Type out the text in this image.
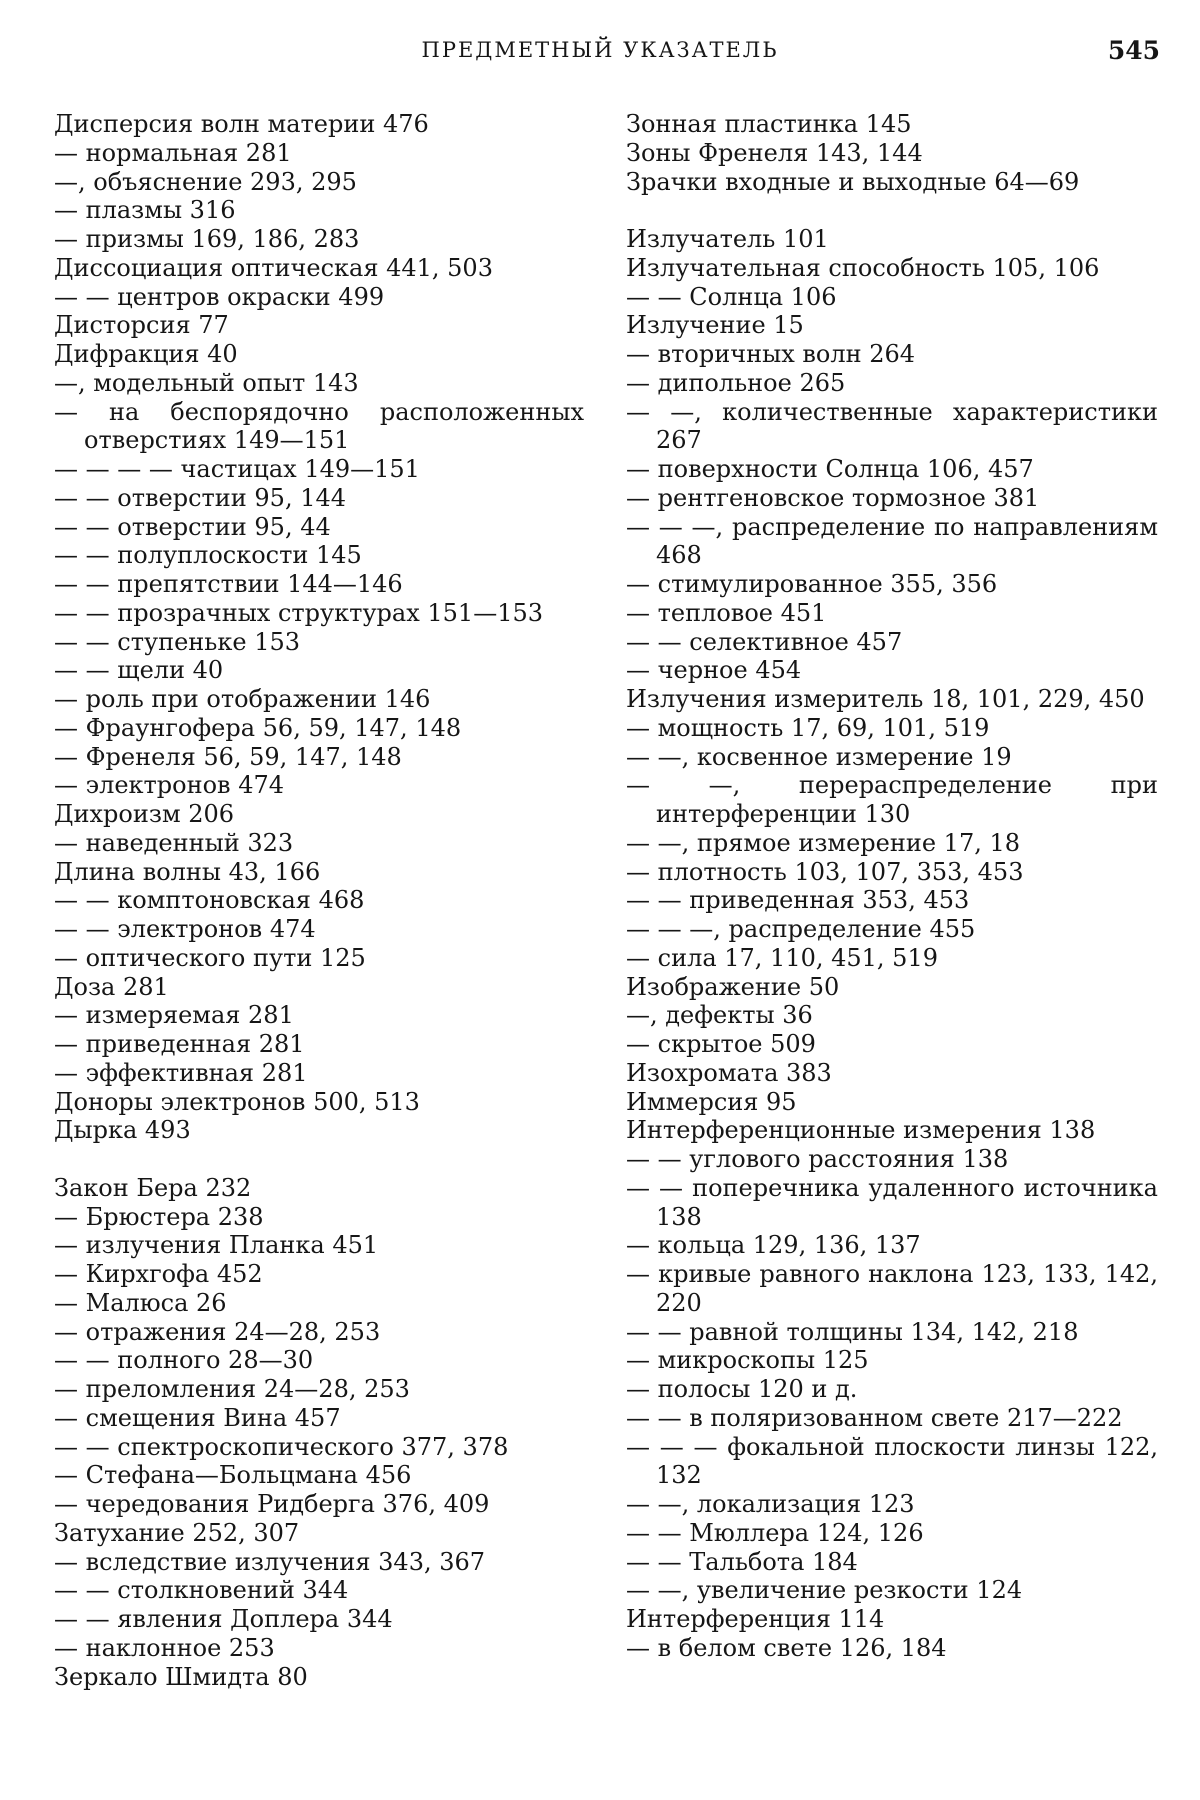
ПРЕДМЕТНЫЙ УКАЗАТЕЛЬ	545
Дисперсия волн материи 476
— нормальная 281
—, объяснение 293, 295
— плазмы 316
— призмы 169, 186, 283
Диссоциация оптическая 441, 503
— — центров окраски 499
Дисторсия 77
Дифракция 40
—, модельный опыт 143
— на беспорядочно расположенных отверстиях 149—151
— — — — частицах 149—151
— — отверстии 95, 144
— — отверстии 95, 44
— — полуплоскости 145
— — препятствии 144—146
— — прозрачных структурах 151—153
— — ступеньке 153
— — щели 40
— роль при отображении 146
— Фраунгофера 56, 59, 147, 148
— Френеля 56, 59, 147, 148
— электронов 474
Дихроизм 206
— наведенный 323
Длина волны 43, 166
— — комптоновская 468
— — электронов 474
— оптического пути 125
Доза 281
— измеряемая 281
— приведенная 281
— эффективная 281
Доноры электронов 500, 513
Дырка 493
Закон Бера 232
— Брюстера 238
— излучения Планка 451
— Кирхгофа 452
— Малюса 26
— отражения 24—28, 253
— — полного 28—30
— преломления 24—28, 253
— смещения Вина 457
— — спектроскопического 377, 378
— Стефана—Больцмана 456
— чередования Ридберга 376, 409
Затухание 252, 307
— вследствие излучения 343, 367
— — столкновений 344
— — явления Доплера 344
— наклонное 253
Зеркало Шмидта 80
Зонная пластинка 145
Зоны Френеля 143, 144
Зрачки входные и выходные 64—69
Излучатель 101
Излучательная способность 105, 106
— — Солнца 106
Излучение 15
— вторичных волн 264
— дипольное 265
— —, количественные характеристики 267
— поверхности Солнца 106, 457
— рентгеновское тормозное 381
— — —, распределение по направлениям 468
— стимулированное 355, 356
— тепловое 451
— — селективное 457
— черное 454
Излучения измеритель 18, 101, 229, 450
— мощность 17, 69, 101, 519
— —, косвенное измерение 19
— —, перераспределение при интерференции 130
— —, прямое измерение 17, 18
— плотность 103, 107, 353, 453
— — приведенная 353, 453
— — —, распределение 455
— сила 17, 110, 451, 519
Изображение 50
—, дефекты 36
— скрытое 509
Изохромата 383
Иммерсия 95
Интерференционные измерения 138
— — углового расстояния 138
— — поперечника удаленного источника 138
— кольца 129, 136, 137
— кривые равного наклона 123, 133, 142, 220
— — равной толщины 134, 142, 218
— микроскопы 125
— полосы 120 и д.
— — в поляризованном свете 217—222
— — — фокальной плоскости линзы 122, 132
— —, локализация 123
— — Мюллера 124, 126
— — Тальбота 184
— —, увеличение резкости 124
Интерференция 114
— в белом свете 126, 184
